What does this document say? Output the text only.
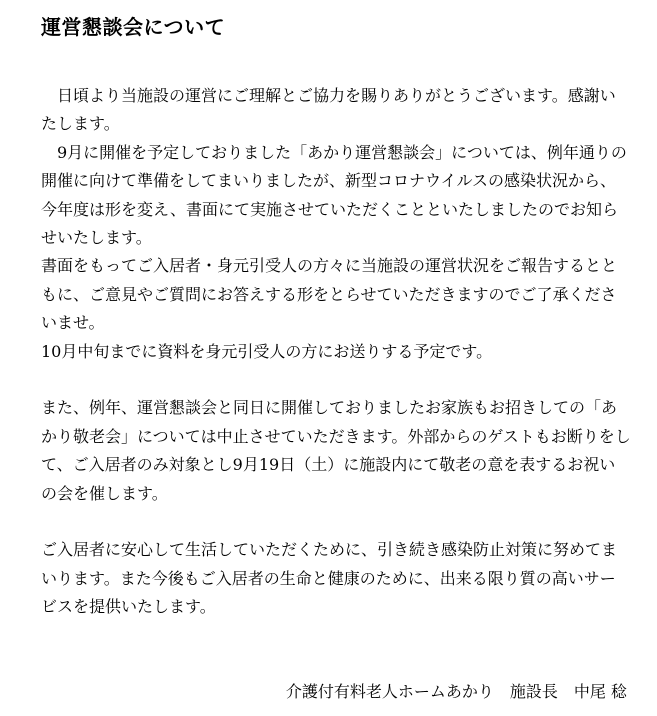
運営懇談会について

　日頃より当施設の運営にご理解とご協力を賜りありがとうございます。感謝いたします。

　9月に開催を予定しておりました「あかり運営懇談会」については、例年通りの開催に向けて準備をしてまいりましたが、新型コロナウイルスの感染状況から、今年度は形を変え、書面にて実施させていただくことといたしましたのでお知らせいたします。

書面をもってご入居者・身元引受人の方々に当施設の運営状況をご報告するとともに、ご意見やご質問にお答えする形をとらせていただきますのでご了承くださいませ。

10月中旬までに資料を身元引受人の方にお送りする予定です。

また、例年、運営懇談会と同日に開催しておりましたお家族もお招きしての「あかり敬老会」については中止させていただきます。外部からのゲストもお断りをして、ご入居者のみ対象とし9月19日（土）に施設内にて敬老の意を表するお祝いの会を催します。

ご入居者に安心して生活していただくために、引き続き感染防止対策に努めてまいります。また今後もご入居者の生命と健康のために、出来る限り質の高いサービスを提供いたします。

介護付有料老人ホームあかり　施設長　中尾 稔
